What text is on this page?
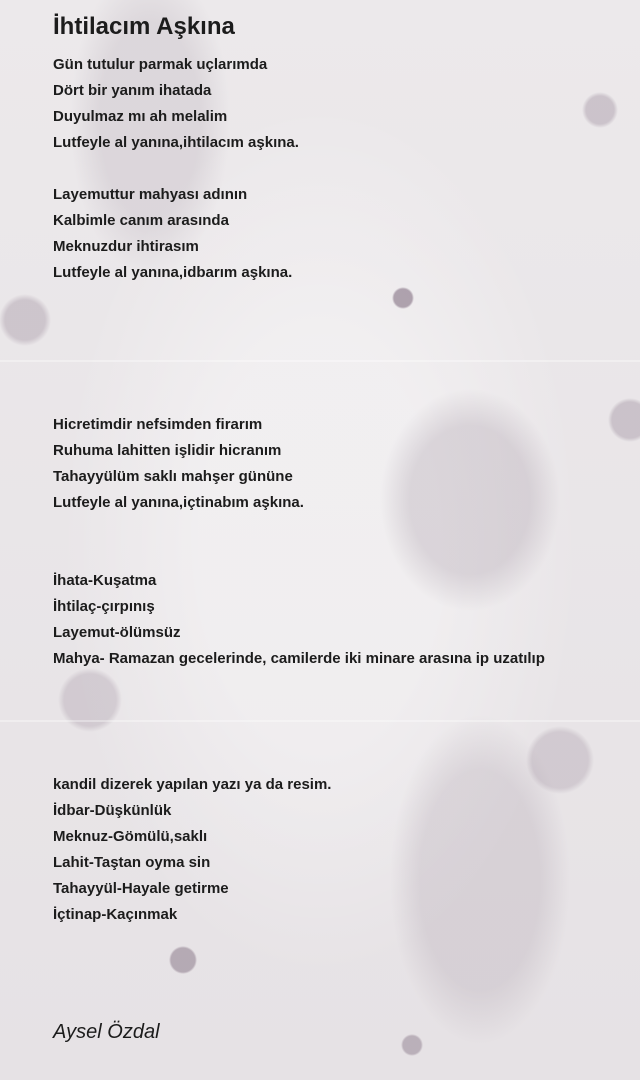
İhtilacım Aşkına
Gün tutulur parmak uçlarımda
Dört bir yanım ihatada
Duyulmaz mı ah melalim
Lutfeyle al yanına,ihtilacım aşkına.
Layemuttur mahyası adının
Kalbimle canım arasında
Meknuzdur ihtirasım
Lutfeyle al yanına,idbarım aşkına.
Hicretimdir nefsimden firarım
Ruhuma lahitten işlidir hicranım
Tahayyülüm saklı mahşer gününe
Lutfeyle al yanına,içtinabım aşkına.
İhata-Kuşatma
İhtilaç-çırpınış
Layemut-ölümsüz
Mahya- Ramazan gecelerinde, camilerde iki minare arasına ip uzatılıp
kandil dizerek yapılan yazı ya da resim.
İdbar-Düşkünlük
Meknuz-Gömülü,saklı
Lahit-Taştan oyma sin
Tahayyül-Hayale getirme
İçtinap-Kaçınmak
Aysel Özdal
